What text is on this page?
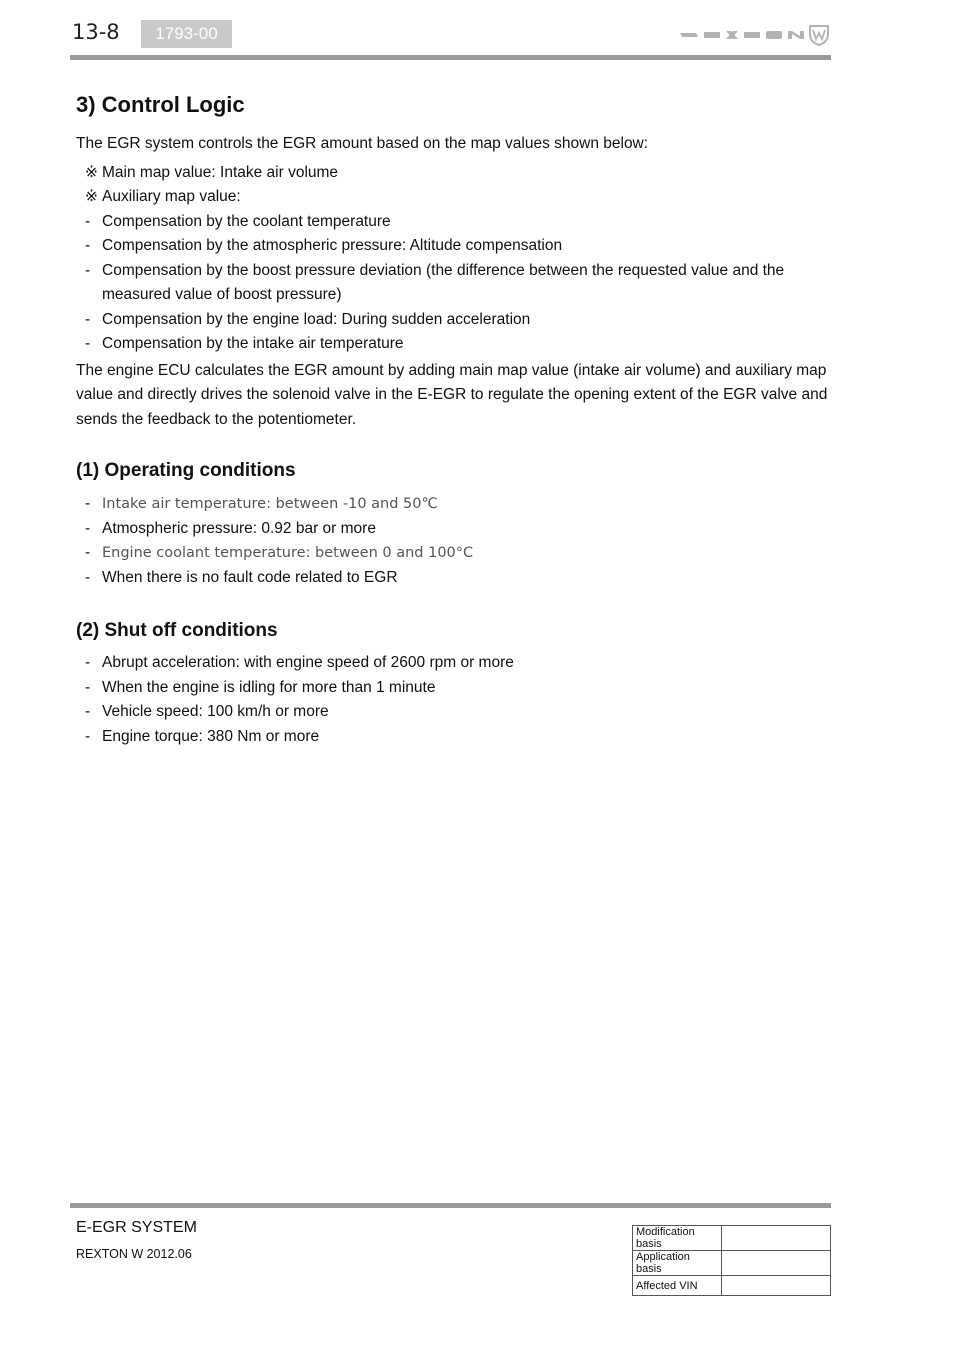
13-8	1793-00
3) Control Logic

The EGR system controls the EGR amount based on the map values shown below:

※ Main map value: Intake air volume
※ Auxiliary map value:
- Compensation by the coolant temperature
- Compensation by the atmospheric pressure: Altitude compensation
- Compensation by the boost pressure deviation (the difference between the requested value and the measured value of boost pressure)
- Compensation by the engine load: During sudden acceleration
- Compensation by the intake air temperature

The engine ECU calculates the EGR amount by adding main map value (intake air volume) and auxiliary map value and directly drives the solenoid valve in the E-EGR to regulate the opening extent of the EGR valve and sends the feedback to the potentiometer.

(1) Operating conditions
- Intake air temperature: between -10 and 50℃
- Atmospheric pressure: 0.92 bar or more
- Engine coolant temperature: between 0 and 100°C
- When there is no fault code related to EGR
(2) Shut off conditions
- Abrupt acceleration: with engine speed of 2600 rpm or more
- When the engine is idling for more than 1 minute
- Vehicle speed: 100 km/h or more
- Engine torque: 380 Nm or more
E-EGR SYSTEM
REXTON W 2012.06
Modification basis	
Application basis	
Affected VIN	
